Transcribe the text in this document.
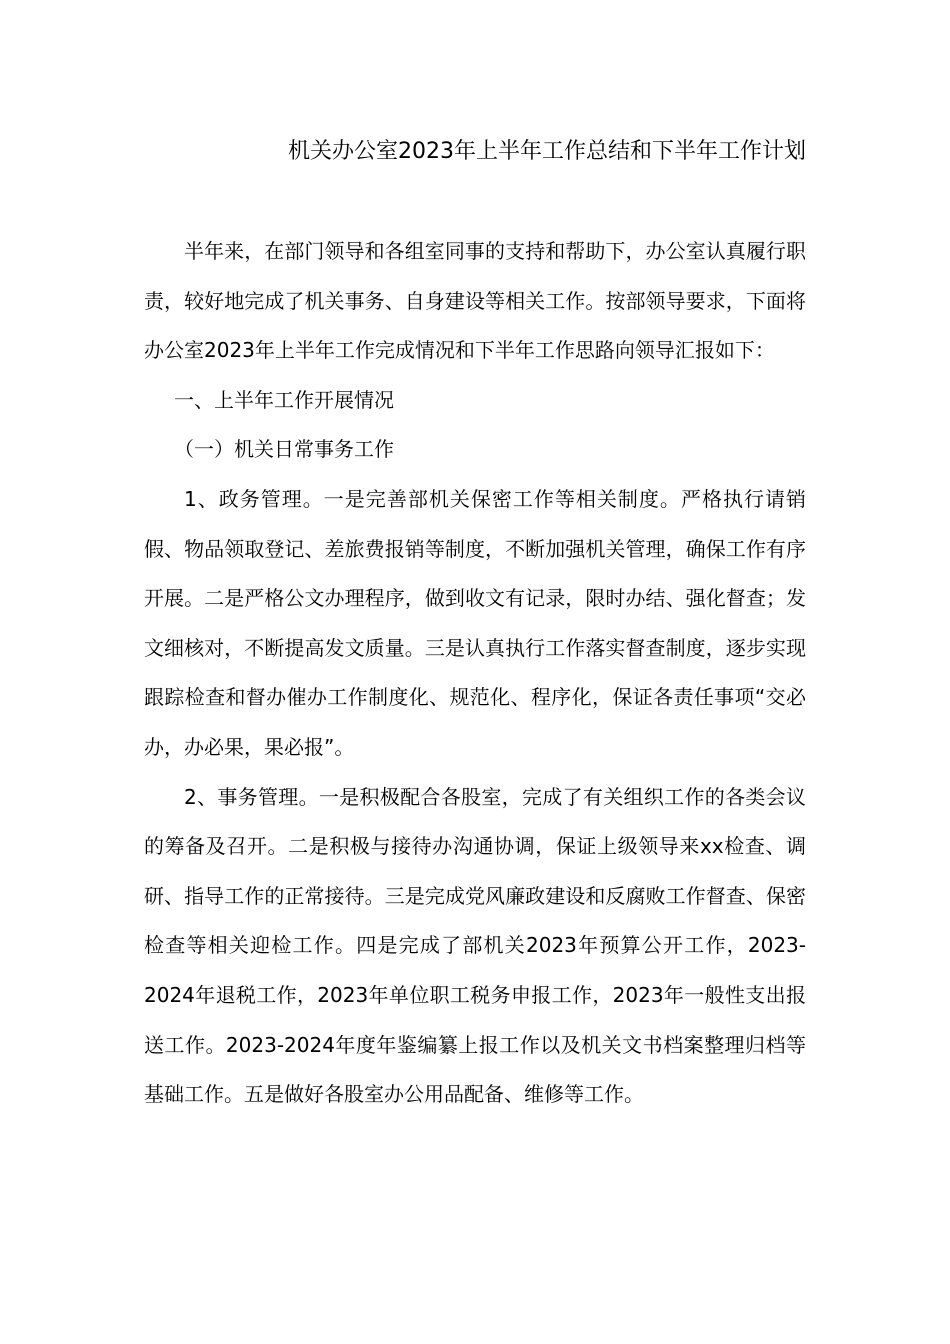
机关办公室2023年上半年工作总结和下半年工作计划

半年来，在部门领导和各组室同事的支持和帮助下，办公室认真履行职责，较好地完成了机关事务、自身建设等相关工作。按部领导要求，下面将办公室2023年上半年工作完成情况和下半年工作思路向领导汇报如下：

一、上半年工作开展情况

（一）机关日常事务工作

1、政务管理。一是完善部机关保密工作等相关制度。严格执行请销假、物品领取登记、差旅费报销等制度，不断加强机关管理，确保工作有序开展。二是严格公文办理程序，做到收文有记录，限时办结、强化督查；发文细核对，不断提高发文质量。三是认真执行工作落实督查制度，逐步实现跟踪检查和督办催办工作制度化、规范化、程序化，保证各责任事项“交必办，办必果，果必报”。

2、事务管理。一是积极配合各股室，完成了有关组织工作的各类会议的筹备及召开。二是积极与接待办沟通协调，保证上级领导来xx检查、调研、指导工作的正常接待。三是完成党风廉政建设和反腐败工作督查、保密检查等相关迎检工作。四是完成了部机关2023年预算公开工作，2023-2024年退税工作，2023年单位职工税务申报工作，2023年一般性支出报送工作。2023-2024年度年鉴编纂上报工作以及机关文书档案整理归档等基础工作。五是做好各股室办公用品配备、维修等工作。
